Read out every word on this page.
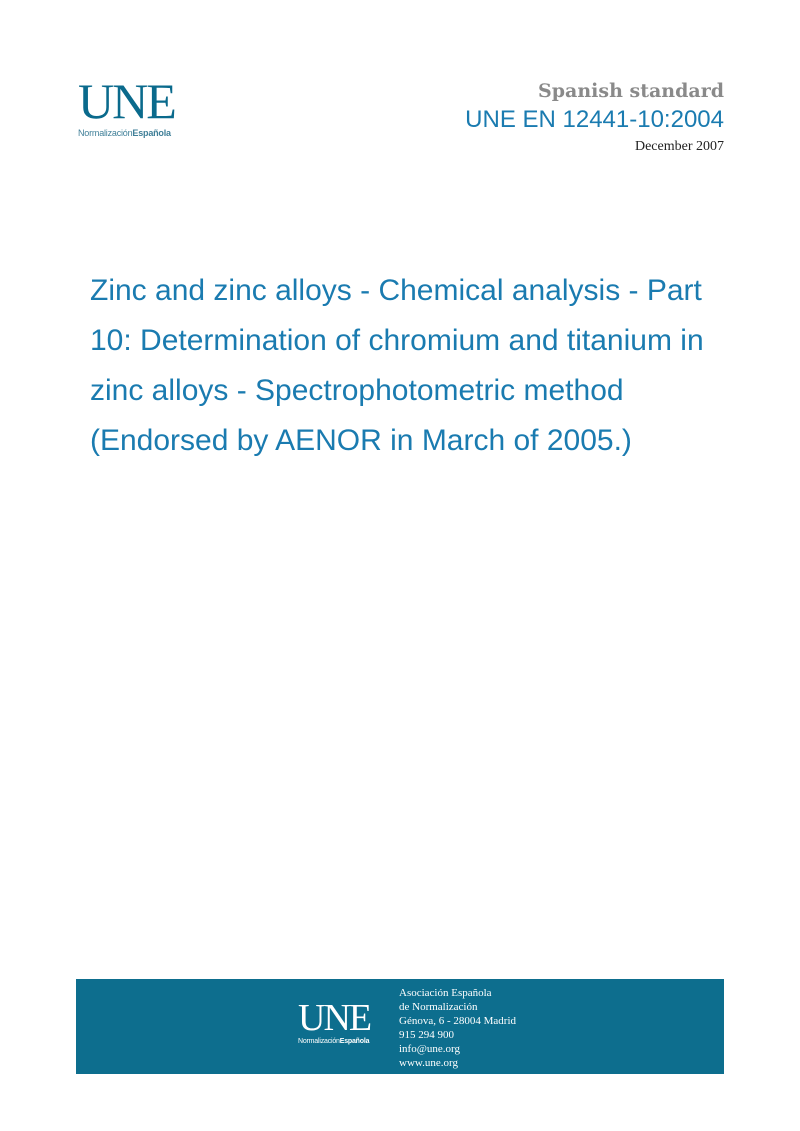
UNE
NormalizaciónEspañola
Spanish standard
UNE EN 12441-10:2004
December 2007
Zinc and zinc alloys - Chemical analysis - Part 10: Determination of chromium and titanium in zinc alloys - Spectrophotometric method (Endorsed by AENOR in March of 2005.)
UNE
NormalizaciónEspañola
Asociación Española
de Normalización
Génova, 6 - 28004 Madrid
915 294 900
info@une.org
www.une.org
